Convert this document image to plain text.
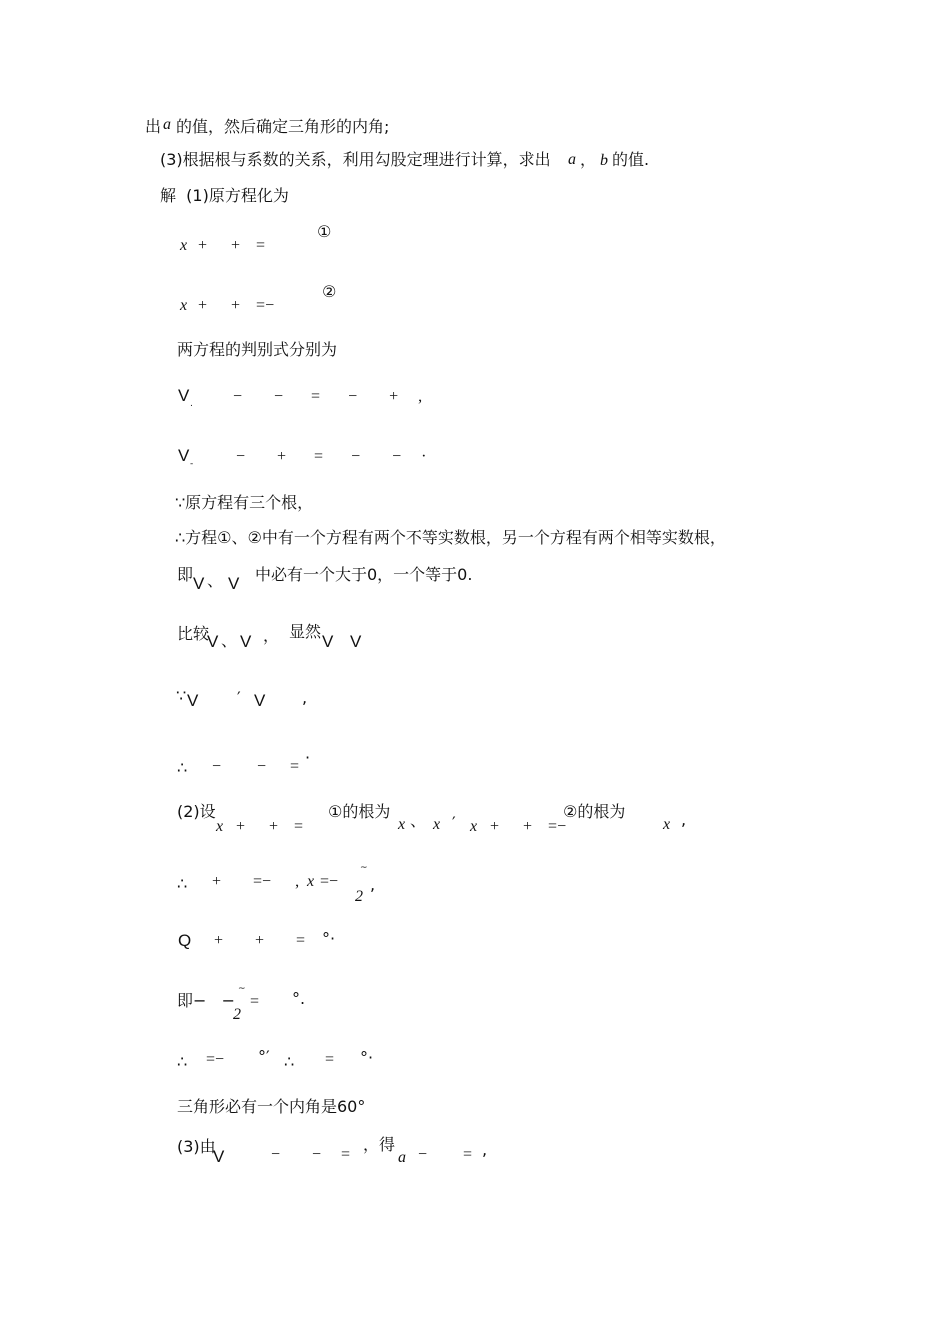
出 a 的值，然后确定三角形的内角;
(3)根据根与系数的关系，利用勾股定理进行计算，求出 a ， b 的值.
解  (1)原方程化为
x +      +    =
①
x +      +    =−
②
两方程的判别式分别为
V .	−        −       =       −        +     ,
V -	−        +       =       −        −     ·
∵原方程有三个根，
∴方程①、②中有一个方程有两个不等实数根，另一个方程有两个相等实数根，
即 V 、 V 中必有一个大于0，一个等于0.
比较
V 、 V ， 显然
V V
∵ V ′ V ,
∴ −         −      = ·
(2)设
x +      +    =
①的根为
x 、 x ′ x +      +    =−
②的根为
x ,
∴ +        =−      , x =−
~
2
,
Q +        +        = °·
即−   −
~
2
= °.
∴ =− °′ ∴ = °·
三角形必有一个内角是60°
(3)由
V	−        −     =
，得
a −         = ,
